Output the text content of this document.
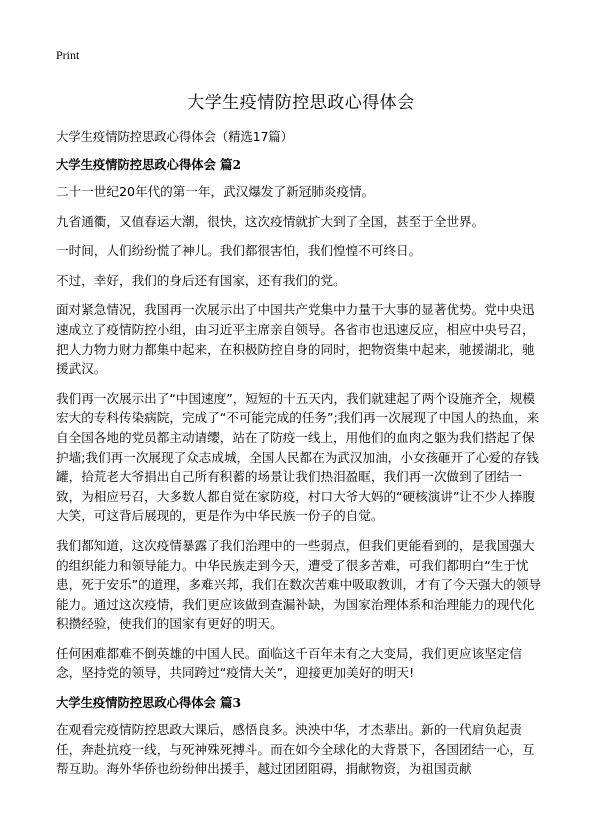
Print
大学生疫情防控思政心得体会
大学生疫情防控思政心得体会（精选17篇）
大学生疫情防控思政心得体会 篇2

二十一世纪20年代的第一年，武汉爆发了新冠肺炎疫情。

九省通衢，又值春运大潮，很快，这次疫情就扩大到了全国，甚至于全世界。

一时间，人们纷纷慌了神儿。我们都很害怕，我们惶惶不可终日。

不过，幸好，我们的身后还有国家，还有我们的党。

面对紧急情况，我国再一次展示出了中国共产党集中力量干大事的显著优势。党中央迅速成立了疫情防控小组，由习近平主席亲自领导。各省市也迅速反应，相应中央号召，把人力物力财力都集中起来，在积极防控自身的同时，把物资集中起来，驰援湖北，驰援武汉。

我们再一次展示出了“中国速度”，短短的十五天内，我们就建起了两个设施齐全，规模宏大的专科传染病院，完成了“不可能完成的任务”;我们再一次展现了中国人的热血，来自全国各地的党员都主动请缨，站在了防疫一线上，用他们的血肉之躯为我们搭起了保护墙;我们再一次展现了众志成城，全国人民都在为武汉加油，小女孩砸开了心爱的存钱罐，拾荒老大爷捐出自己所有积蓄的场景让我们热泪盈眶，我们再一次做到了团结一致，为相应号召，大多数人都自觉在家防疫，村口大爷大妈的“硬核演讲”让不少人捧腹大笑，可这背后展现的，更是作为中华民族一份子的自觉。

我们都知道，这次疫情暴露了我们治理中的一些弱点，但我们更能看到的，是我国强大的组织能力和领导能力。中华民族走到今天，遭受了很多苦难，可我们都明白“生于忧患，死于安乐”的道理，多难兴邦，我们在数次苦难中吸取教训，才有了今天强大的领导能力。通过这次疫情，我们更应该做到查漏补缺，为国家治理体系和治理能力的现代化积攒经验，使我们的国家有更好的明天。

任何困难都难不倒英雄的中国人民。面临这千百年未有之大变局，我们更应该坚定信念，坚持党的领导，共同跨过“疫情大关”，迎接更加美好的明天!

大学生疫情防控思政心得体会 篇3

在观看完疫情防控思政大课后，感悟良多。泱泱中华，才杰辈出。新的一代肩负起责任，奔赴抗疫一线，与死神殊死搏斗。而在如今全球化的大背景下，各国团结一心，互帮互助。海外华侨也纷纷伸出援手，越过团团阻碍，捐献物资，为祖国贡献
